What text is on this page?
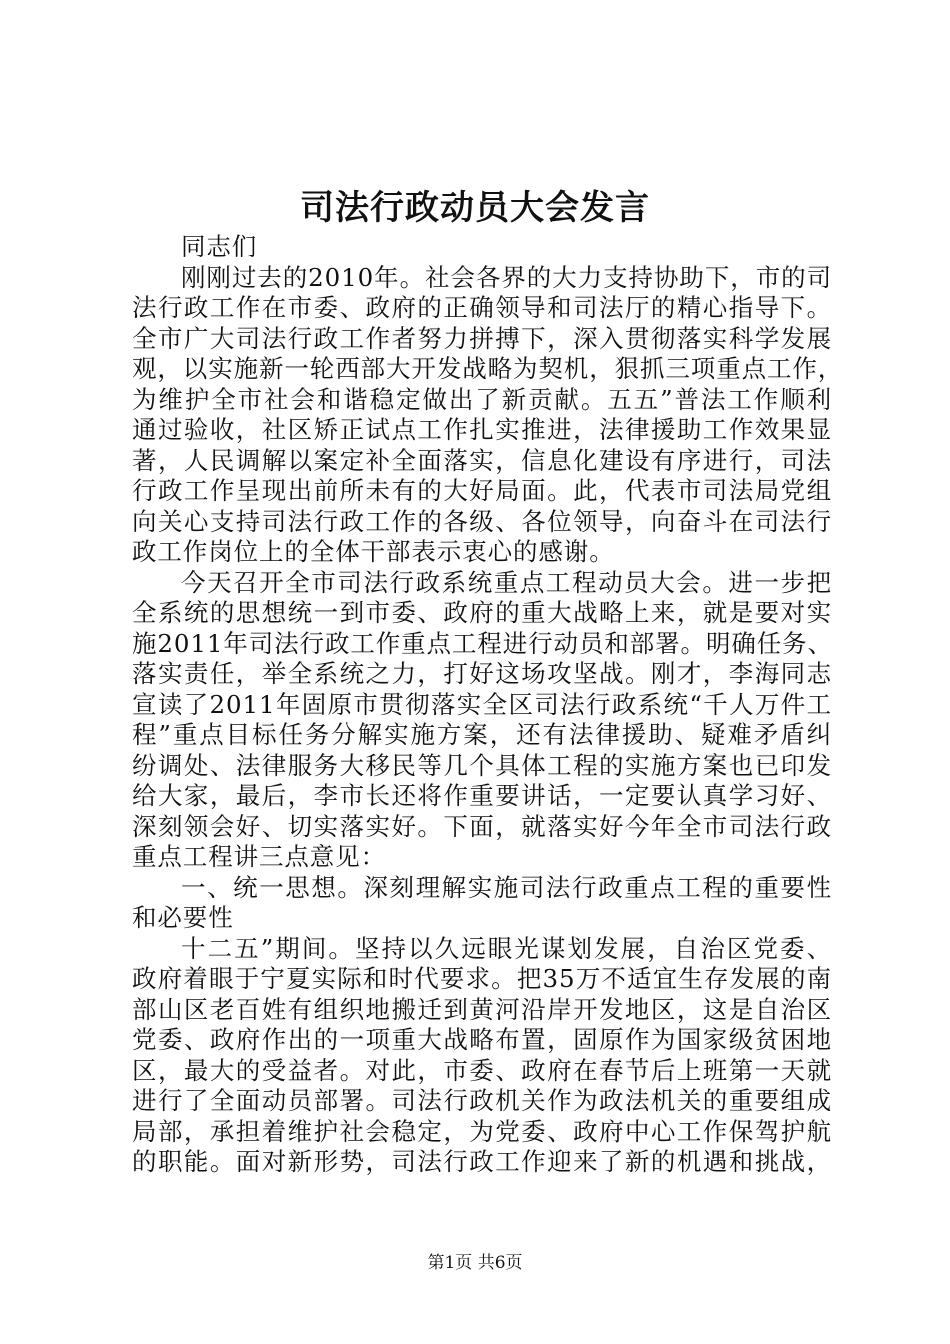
司法行政动员大会发言
同志们
刚刚过去的2010年。社会各界的大力支持协助下，市的司
法行政工作在市委、政府的正确领导和司法厅的精心指导下。
全市广大司法行政工作者努力拼搏下，深入贯彻落实科学发展
观，以实施新一轮西部大开发战略为契机，狠抓三项重点工作，
为维护全市社会和谐稳定做出了新贡献。五五”普法工作顺利
通过验收，社区矫正试点工作扎实推进，法律援助工作效果显
著，人民调解以案定补全面落实，信息化建设有序进行，司法
行政工作呈现出前所未有的大好局面。此，代表市司法局党组
向关心支持司法行政工作的各级、各位领导，向奋斗在司法行
政工作岗位上的全体干部表示衷心的感谢。
今天召开全市司法行政系统重点工程动员大会。进一步把
全系统的思想统一到市委、政府的重大战略上来，就是要对实
施2011年司法行政工作重点工程进行动员和部署。明确任务、
落实责任，举全系统之力，打好这场攻坚战。刚才，李海同志
宣读了2011年固原市贯彻落实全区司法行政系统“千人万件工
程”重点目标任务分解实施方案，还有法律援助、疑难矛盾纠
纷调处、法律服务大移民等几个具体工程的实施方案也已印发
给大家，最后，李市长还将作重要讲话，一定要认真学习好、
深刻领会好、切实落实好。下面，就落实好今年全市司法行政
重点工程讲三点意见：
一、统一思想。深刻理解实施司法行政重点工程的重要性
和必要性
十二五”期间。坚持以久远眼光谋划发展，自治区党委、
政府着眼于宁夏实际和时代要求。把35万不适宜生存发展的南
部山区老百姓有组织地搬迁到黄河沿岸开发地区，这是自治区
党委、政府作出的一项重大战略布置，固原作为国家级贫困地
区，最大的受益者。对此，市委、政府在春节后上班第一天就
进行了全面动员部署。司法行政机关作为政法机关的重要组成
局部，承担着维护社会稳定，为党委、政府中心工作保驾护航
的职能。面对新形势，司法行政工作迎来了新的机遇和挑战，
第1页 共6页
